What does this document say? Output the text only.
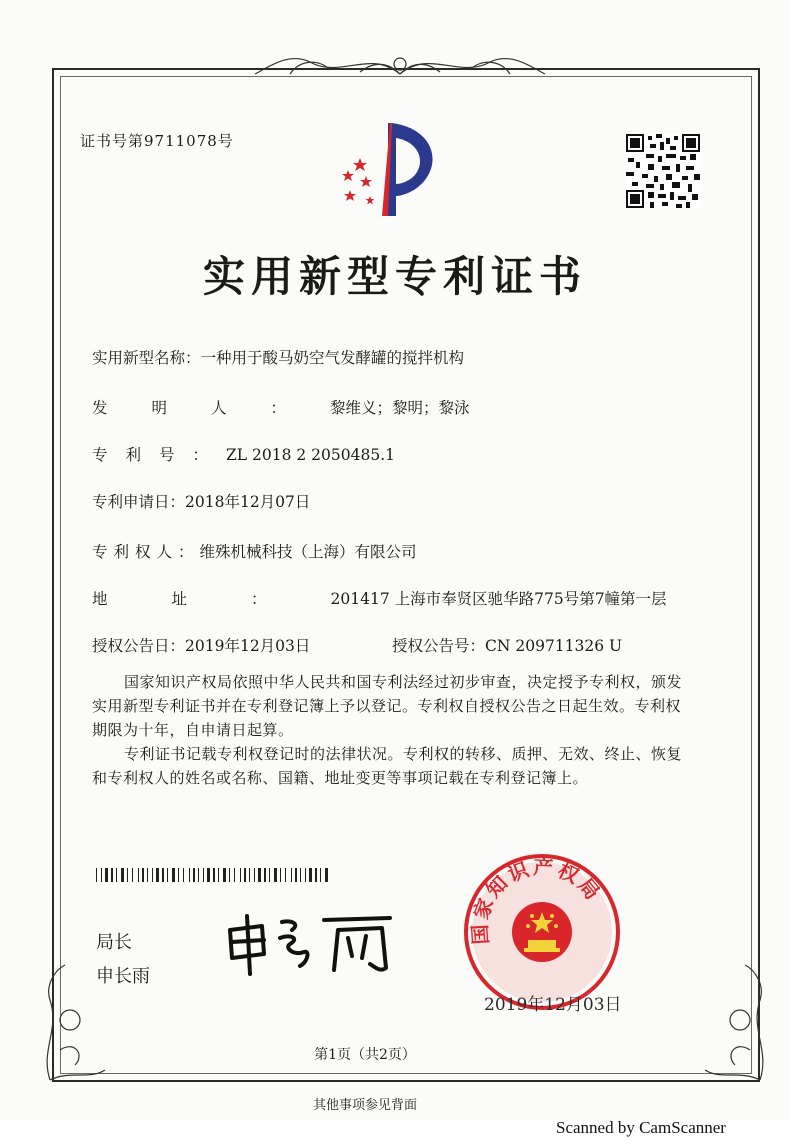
证书号第9711078号
实用新型专利证书
实用新型名称：一种用于酸马奶空气发酵罐的搅拌机构
发明人：黎维义；黎明；黎泳
专利号：ZL 2018 2 2050485.1
专利申请日：2018年12月07日
专利权人：维殊机械科技（上海）有限公司
地址：201417 上海市奉贤区驰华路775号第7幢第一层
授权公告日：2019年12月03日	授权公告号：CN 209711326 U
国家知识产权局依照中华人民共和国专利法经过初步审查，决定授予专利权，颁发实用新型专利证书并在专利登记簿上予以登记。专利权自授权公告之日起生效。专利权期限为十年，自申请日起算。
专利证书记载专利权登记时的法律状况。专利权的转移、质押、无效、终止、恢复和专利权人的姓名或名称、国籍、地址变更等事项记载在专利登记簿上。
局长
申长雨
国家知识产权局
2019年12月03日
第1页（共2页）
其他事项参见背面
Scanned by CamScanner
